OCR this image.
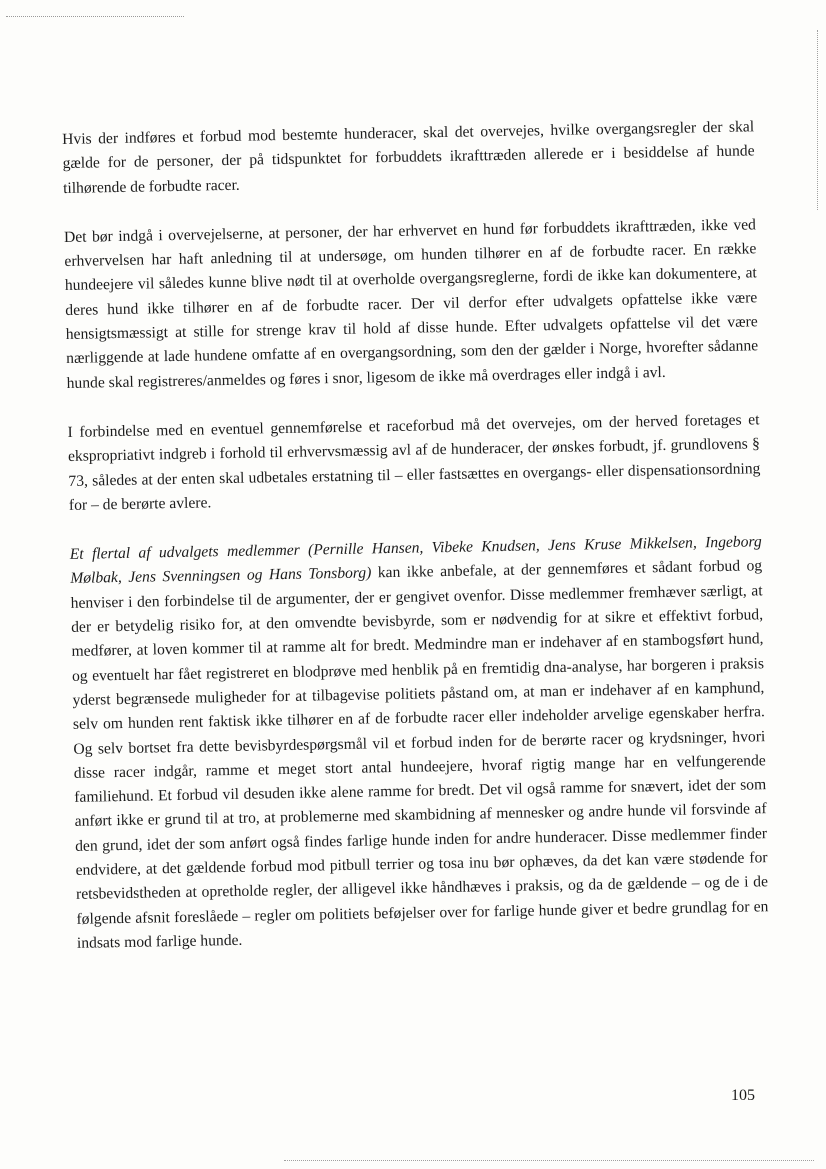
Hvis der indføres et forbud mod bestemte hunderacer, skal det overvejes, hvilke overgangsregler der skal gælde for de personer, der på tidspunktet for forbuddets ikrafttræden allerede er i besiddelse af hunde tilhørende de forbudte racer.

Det bør indgå i overvejelserne, at personer, der har erhvervet en hund før forbuddets ikrafttræden, ikke ved erhvervelsen har haft anledning til at undersøge, om hunden tilhører en af de forbudte racer. En række hundeejere vil således kunne blive nødt til at overholde overgangsreglerne, fordi de ikke kan dokumentere, at deres hund ikke tilhører en af de forbudte racer. Der vil derfor efter udvalgets opfattelse ikke være hensigtsmæssigt at stille for strenge krav til hold af disse hunde. Efter udvalgets opfattelse vil det være nærliggende at lade hundene omfatte af en overgangsordning, som den der gælder i Norge, hvorefter sådanne hunde skal registreres/anmeldes og føres i snor, ligesom de ikke må overdrages eller indgå i avl.

I forbindelse med en eventuel gennemførelse et raceforbud må det overvejes, om der herved foretages et ekspropriativt indgreb i forhold til erhvervsmæssig avl af de hunderacer, der ønskes forbudt, jf. grundlovens § 73, således at der enten skal udbetales erstatning til – eller fastsættes en overgangs- eller dispensationsordning for – de berørte avlere.

Et flertal af udvalgets medlemmer (Pernille Hansen, Vibeke Knudsen, Jens Kruse Mikkelsen, Ingeborg Mølbak, Jens Svenningsen og Hans Tonsborg) kan ikke anbefale, at der gennemføres et sådant forbud og henviser i den forbindelse til de argumenter, der er gengivet ovenfor. Disse medlemmer fremhæver særligt, at der er betydelig risiko for, at den omvendte bevisbyrde, som er nødvendig for at sikre et effektivt forbud, medfører, at loven kommer til at ramme alt for bredt. Medmindre man er indehaver af en stambogsført hund, og eventuelt har fået registreret en blodprøve med henblik på en fremtidig dna-analyse, har borgeren i praksis yderst begrænsede muligheder for at tilbagevise politiets påstand om, at man er indehaver af en kamphund, selv om hunden rent faktisk ikke tilhører en af de forbudte racer eller indeholder arvelige egenskaber herfra. Og selv bortset fra dette bevisbyrdespørgsmål vil et forbud inden for de berørte racer og krydsninger, hvori disse racer indgår, ramme et meget stort antal hundeejere, hvoraf rigtig mange har en velfungerende familiehund. Et forbud vil desuden ikke alene ramme for bredt. Det vil også ramme for snævert, idet der som anført ikke er grund til at tro, at problemerne med skambidning af mennesker og andre hunde vil forsvinde af den grund, idet der som anført også findes farlige hunde inden for andre hunderacer. Disse medlemmer finder endvidere, at det gældende forbud mod pitbull terrier og tosa inu bør ophæves, da det kan være stødende for retsbevidstheden at opretholde regler, der alligevel ikke håndhæves i praksis, og da de gældende – og de i de følgende afsnit foreslåede – regler om politiets beføjelser over for farlige hunde giver et bedre grundlag for en indsats mod farlige hunde.

105
